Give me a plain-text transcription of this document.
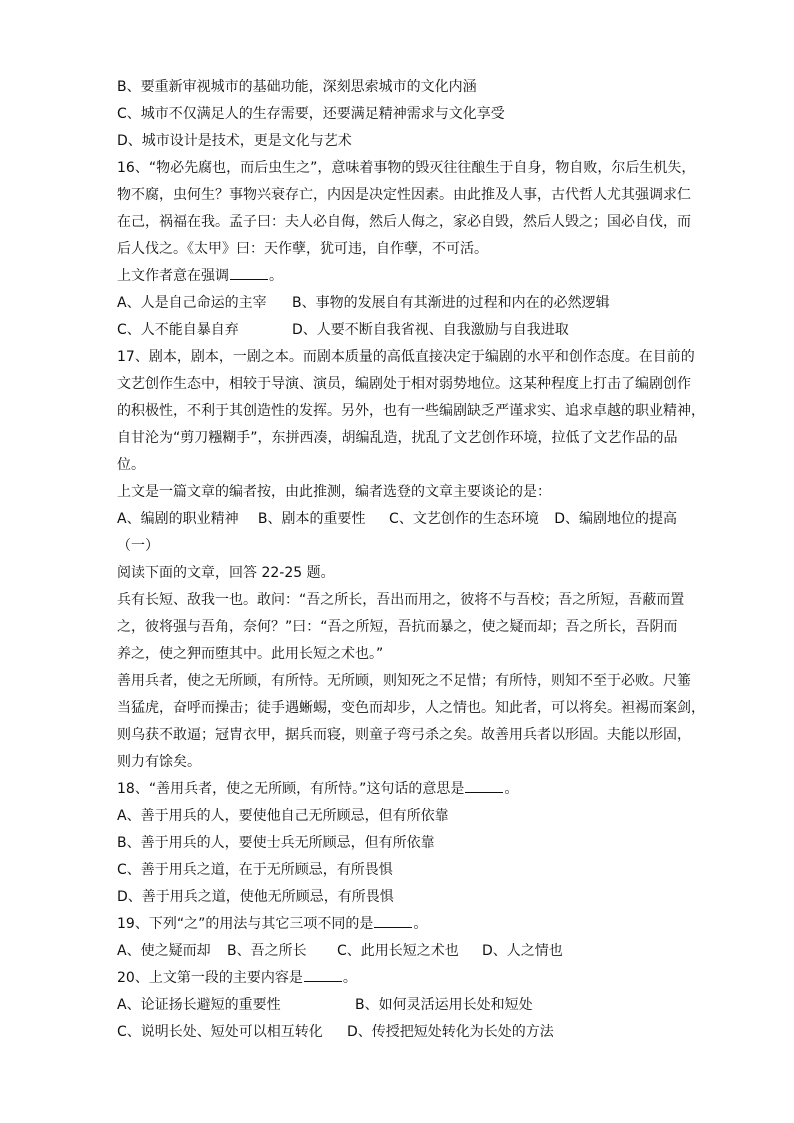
B、要重新审视城市的基础功能，深刻思索城市的文化内涵
C、城市不仅满足人的生存需要，还要满足精神需求与文化享受
D、城市设计是技术，更是文化与艺术
16、“物必先腐也，而后虫生之”，意味着事物的毁灭往往酿生于自身，物自败，尔后生机失，
物不腐，虫何生？事物兴衰存亡，内因是决定性因素。由此推及人事，古代哲人尤其强调求仁
在己，祸福在我。孟子曰：夫人必自侮，然后人侮之，家必自毁，然后人毁之；国必自伐，而
后人伐之。《太甲》曰：天作孽，犹可违，自作孽，不可活。
上文作者意在强调	。
A、人是自己命运的主宰	B、事物的发展自有其渐进的过程和内在的必然逻辑
C、人不能自暴自弃	D、人要不断自我省视、自我激励与自我进取
17、剧本，剧本，一剧之本。而剧本质量的高低直接决定于编剧的水平和创作态度。在目前的
文艺创作生态中，相较于导演、演员，编剧处于相对弱势地位。这某种程度上打击了编剧创作
的积极性，不利于其创造性的发挥。另外，也有一些编剧缺乏严谨求实、追求卓越的职业精神，
自甘沦为“剪刀糨糊手”，东拼西凑，胡编乱造，扰乱了文艺创作环境，拉低了文艺作品的品
位。
上文是一篇文章的编者按，由此推测，编者选登的文章主要谈论的是：
A、编剧的职业精神	B、剧本的重要性	C、文艺创作的生态环境	D、编剧地位的提高
（一）
阅读下面的文章，回答 22-25 题。
兵有长短、敌我一也。敢问：“吾之所长，吾出而用之，彼将不与吾校；吾之所短，吾蔽而置
之，彼将强与吾角，奈何？”曰：“吾之所短，吾抗而暴之，使之疑而却；吾之所长，吾阴而
养之，使之狎而堕其中。此用长短之术也。”
善用兵者，使之无所顾，有所恃。无所顾，则知死之不足惜；有所恃，则知不至于必败。尺箠
当猛虎，奋呼而操击；徒手遇蜥蜴，变色而却步，人之情也。知此者，可以将矣。袒裼而案剑，
则乌获不敢逼；冠胄衣甲，据兵而寝，则童子弯弓杀之矣。故善用兵者以形固。夫能以形固，
则力有馀矣。
18、“善用兵者，使之无所顾，有所恃。”这句话的意思是	。
A、善于用兵的人，要使他自己无所顾忌，但有所依靠
B、善于用兵的人，要使士兵无所顾忌，但有所依靠
C、善于用兵之道，在于无所顾忌，有所畏惧
D、善于用兵之道，使他无所顾忌，有所畏惧
19、下列“之”的用法与其它三项不同的是	。
A、使之疑而却	B、吾之所长	C、此用长短之术也	D、人之情也
20、上文第一段的主要内容是	。
A、论证扬长避短的重要性	B、如何灵活运用长处和短处
C、说明长处、短处可以相互转化	D、传授把短处转化为长处的方法
